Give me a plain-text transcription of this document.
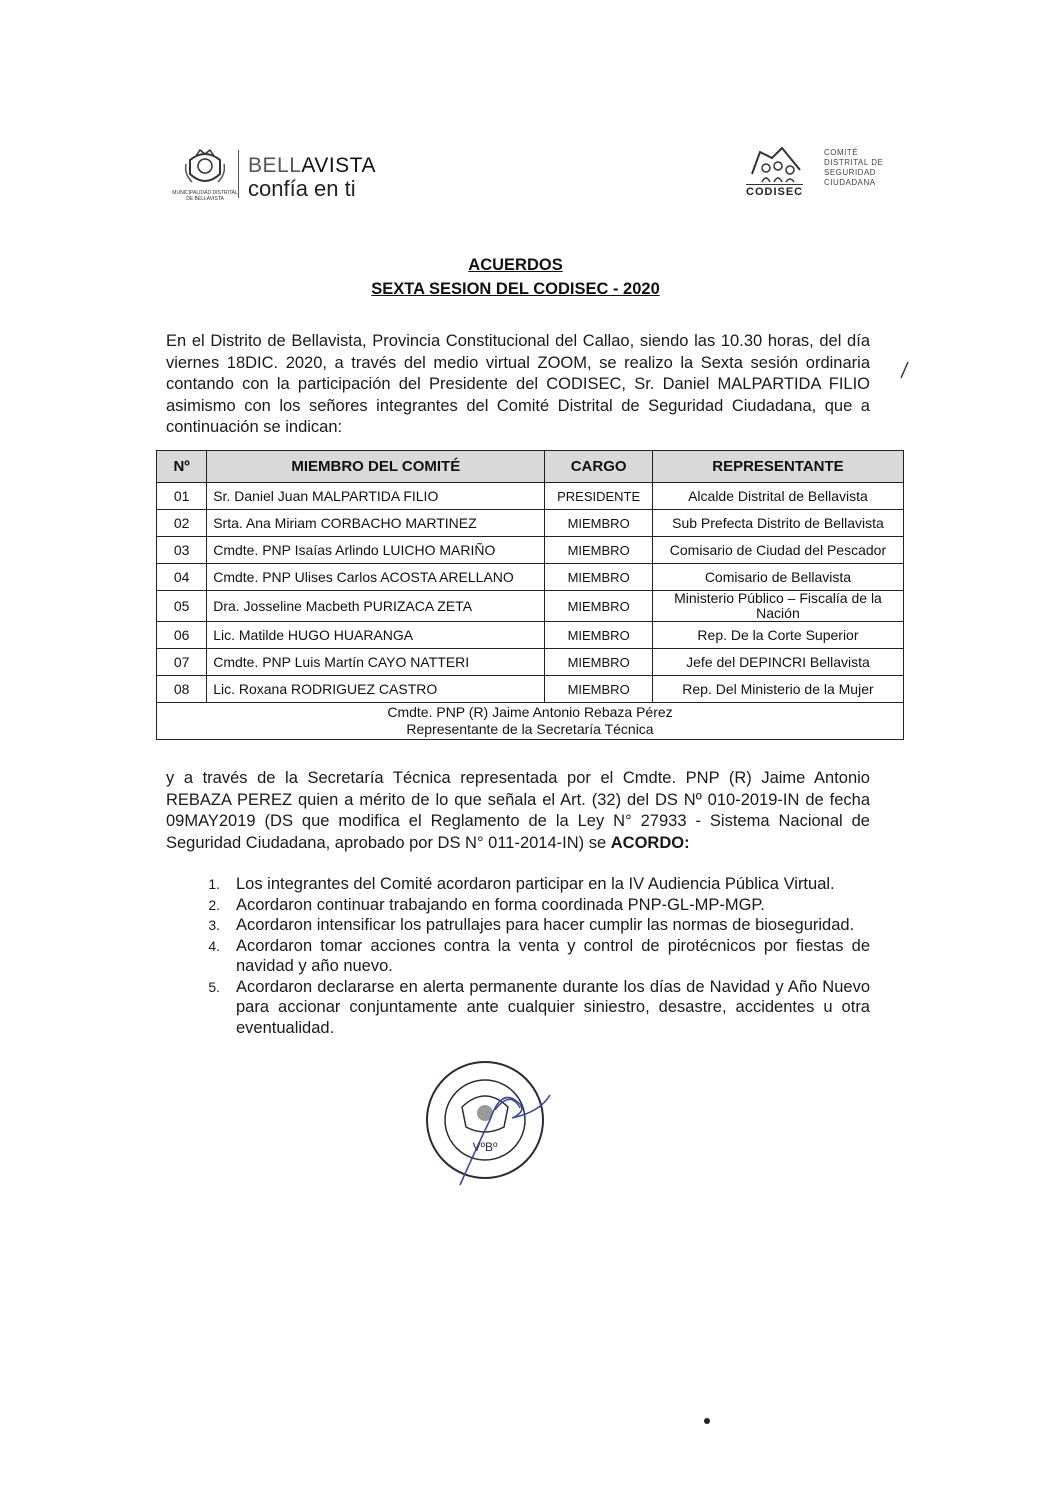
MUNICIPALIDAD DISTRITAL DE BELLAVISTA
BELLAVISTA
confía en ti	CODISEC
COMITÉ
DISTRITAL DE
SEGURIDAD
CIUDADANA
ACUERDOS
SEXTA SESION DEL CODISEC - 2020
En el Distrito de Bellavista, Provincia Constitucional del Callao, siendo las 10.30 horas, del día viernes 18DIC. 2020, a través del medio virtual ZOOM, se realizo la Sexta sesión ordinaria contando con la participación del Presidente del CODISEC, Sr. Daniel MALPARTIDA FILIO asimismo con los señores integrantes del Comité Distrital de Seguridad Ciudadana, que a continuación se indican:
Nº	MIEMBRO DEL COMITÉ	CARGO	REPRESENTANTE
01	Sr. Daniel Juan MALPARTIDA FILIO	PRESIDENTE	Alcalde Distrital de Bellavista
02	Srta. Ana Miriam CORBACHO MARTINEZ	MIEMBRO	Sub Prefecta Distrito de Bellavista
03	Cmdte. PNP Isaías Arlindo LUICHO MARIÑO	MIEMBRO	Comisario de Ciudad del Pescador
04	Cmdte. PNP Ulises Carlos ACOSTA ARELLANO	MIEMBRO	Comisario de Bellavista
05	Dra. Josseline Macbeth PURIZACA ZETA	MIEMBRO	Ministerio Público – Fiscalía de la Nación
06	Lic. Matilde HUGO HUARANGA	MIEMBRO	Rep. De la Corte Superior
07	Cmdte. PNP Luis Martín CAYO NATTERI	MIEMBRO	Jefe del DEPINCRI Bellavista
08	Lic. Roxana RODRIGUEZ CASTRO	MIEMBRO	Rep. Del Ministerio de la Mujer

Cmdte. PNP (R) Jaime Antonio Rebaza Pérez
Representante de la Secretaría Técnica			
y a través de la Secretaría Técnica representada por el Cmdte. PNP (R) Jaime Antonio REBAZA PEREZ quien a mérito de lo que señala el Art. (32) del DS Nº 010-2019-IN de fecha 09MAY2019 (DS que modifica el Reglamento de la Ley N° 27933 - Sistema Nacional de Seguridad Ciudadana, aprobado por DS N° 011-2014-IN) se ACORDO:
1. Los integrantes del Comité acordaron participar en la IV Audiencia Pública Virtual.
2. Acordaron continuar trabajando en forma coordinada PNP-GL-MP-MGP.
3. Acordaron intensificar los patrullajes para hacer cumplir las normas de bioseguridad.
4. Acordaron tomar acciones contra la venta y control de pirotécnicos por fiestas de navidad y año nuevo.
5. Acordaron declararse en alerta permanente durante los días de Navidad y Año Nuevo para accionar conjuntamente ante cualquier siniestro, desastre, accidentes u otra eventualidad.
VºBº
